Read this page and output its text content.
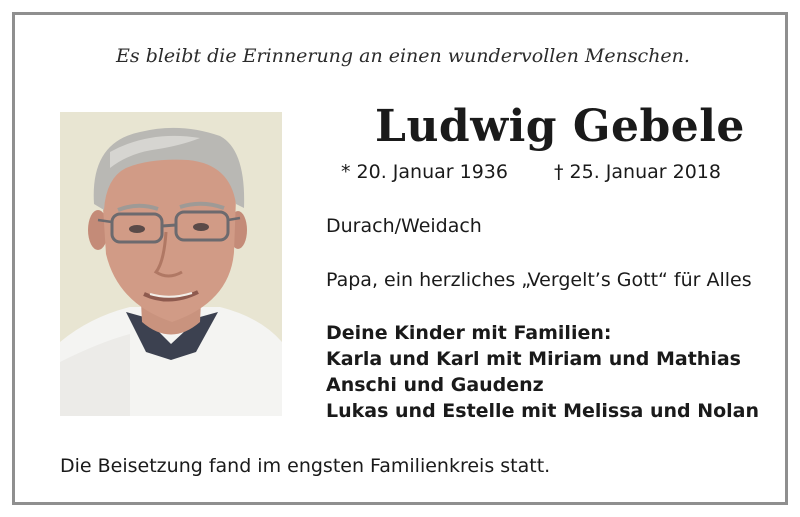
Es bleibt die Erinnerung an einen wundervollen Menschen.
Ludwig Gebele
* 20. Januar 1936 † 25. Januar 2018
Durach/Weidach
Papa, ein herzliches „Vergelt’s Gott“ für Alles
Deine Kinder mit Familien:
Karla und Karl mit Miriam und Mathias
Anschi und Gaudenz
Lukas und Estelle mit Melissa und Nolan
Die Beisetzung fand im engsten Familienkreis statt.
